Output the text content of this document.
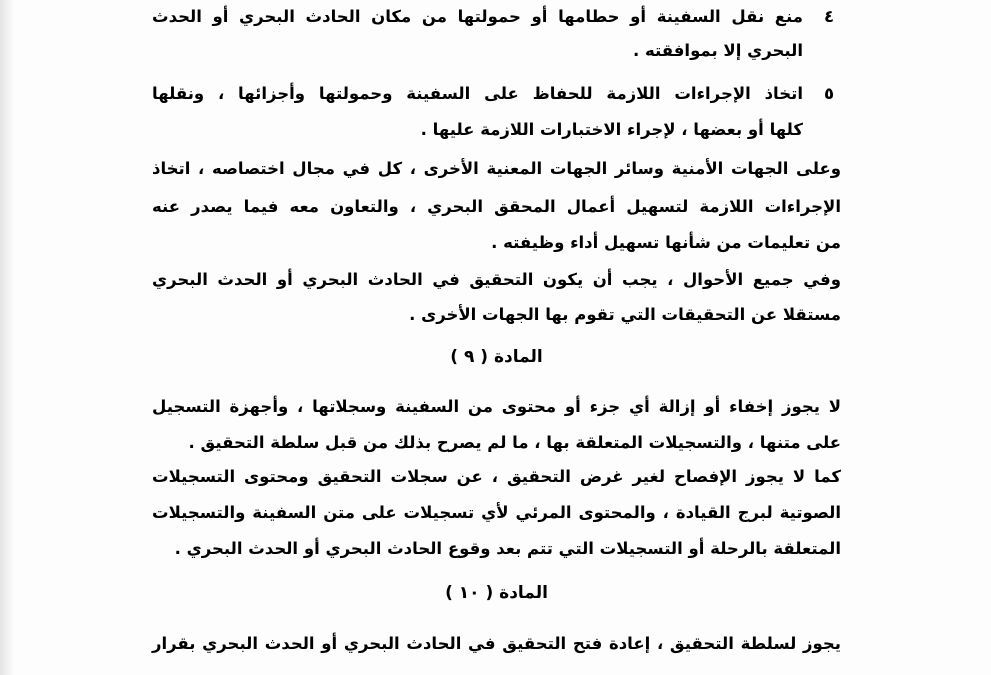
٤
منع نقل السفينة أو حطامها أو حمولتها من مكان الحادث البحري أو الحدث
البحري إلا بموافقته .
٥
اتخاذ الإجراءات اللازمة للحفاظ على السفينة وحمولتها وأجزائها ، ونقلها
كلها أو بعضها ، لإجراء الاختبارات اللازمة عليها .
وعلى الجهات الأمنية وسائر الجهات المعنية الأخرى ، كل في مجال اختصاصه ، اتخاذ
الإجراءات اللازمة لتسهيل أعمال المحقق البحري ، والتعاون معه فيما يصدر عنه
من تعليمات من شأنها تسهيل أداء وظيفته .
وفي جميع الأحوال ، يجب أن يكون التحقيق في الحادث البحري أو الحدث البحري
مستقلا عن التحقيقات التي تقوم بها الجهات الأخرى .
المادة ( ٩ )
لا يجوز إخفاء أو إزالة أي جزء أو محتوى من السفينة وسجلاتها ، وأجهزة التسجيل
على متنها ، والتسجيلات المتعلقة بها ، ما لم يصرح بذلك من قبل سلطة التحقيق .
كما لا يجوز الإفصاح لغير غرض التحقيق ، عن سجلات التحقيق ومحتوى التسجيلات
الصوتية لبرج القيادة ، والمحتوى المرئي لأي تسجيلات على متن السفينة والتسجيلات
المتعلقة بالرحلة أو التسجيلات التي تتم بعد وقوع الحادث البحري أو الحدث البحري .
المادة ( ١٠ )
يجوز لسلطة التحقيق ، إعادة فتح التحقيق في الحادث البحري أو الحدث البحري بقرار
